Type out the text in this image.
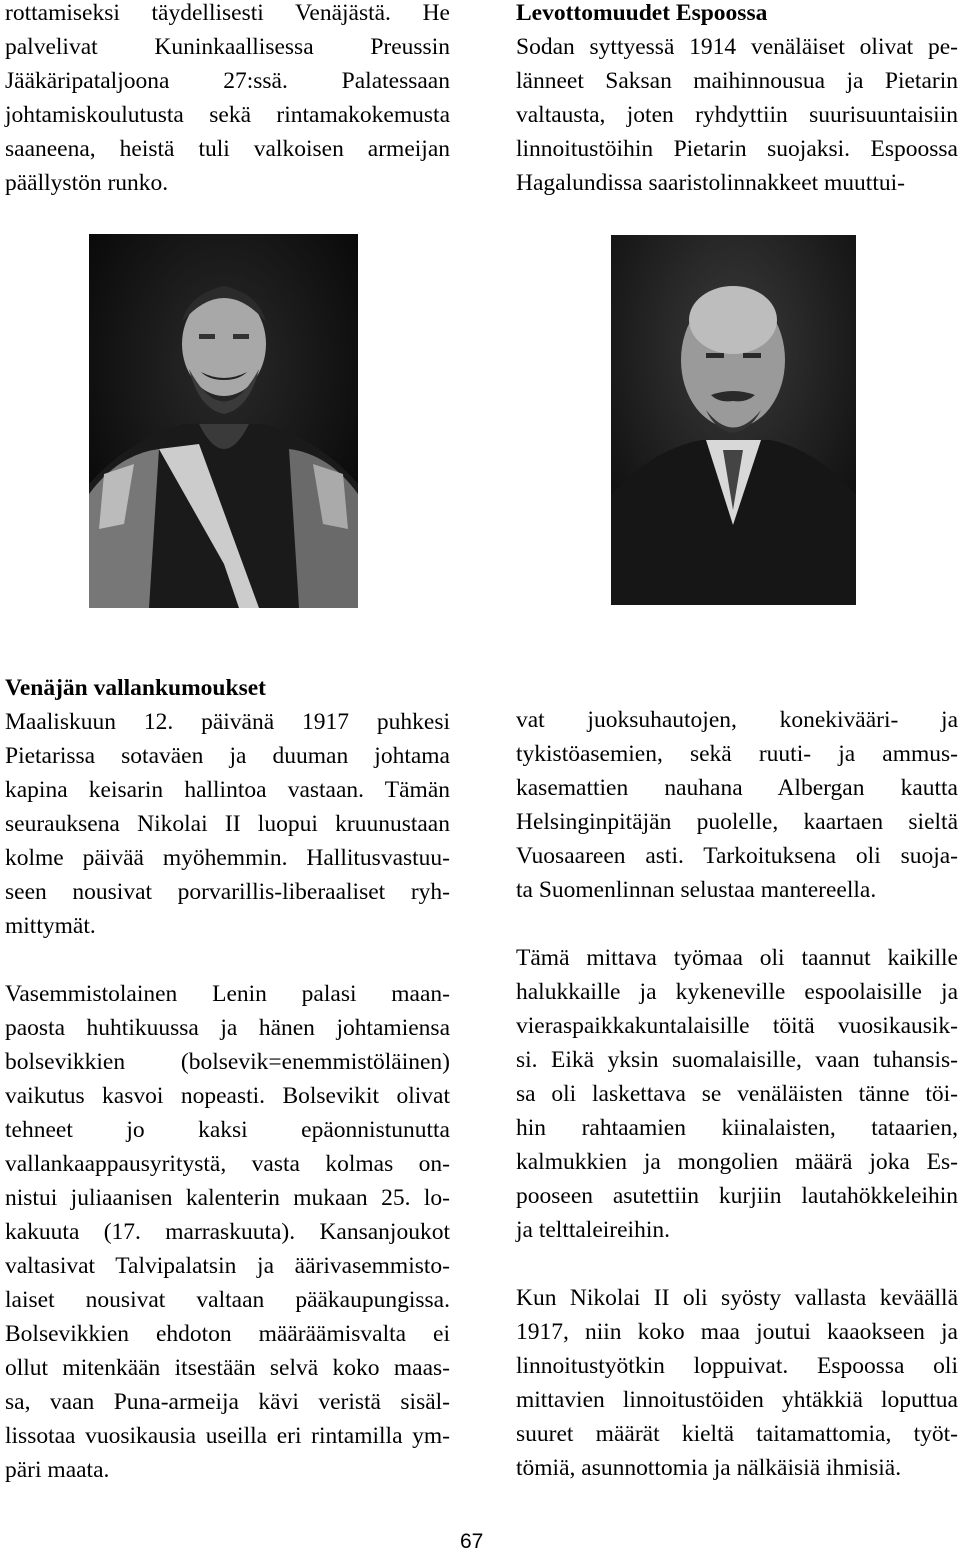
rottamiseksi täydellisesti Venäjästä. He
palvelivat Kuninkaallisessa Preussin
Jääkäripataljoona 27:ssä. Palatessaan
johtamiskoulutusta sekä rintamakokemusta
saaneena, heistä tuli valkoisen armeijan
päällystön runko.

Levottomuudet Espoossa

Sodan syttyessä 1914 venäläiset olivat pe-
länneet Saksan maihinnousua ja Pietarin
valtausta, joten ryhdyttiin suurisuuntaisiin
linnoitustöihin Pietarin suojaksi. Espoossa
Hagalundissa saaristolinnakkeet muuttui-

Venäjän vallankumoukset

Maaliskuun 12. päivänä 1917 puhkesi
Pietarissa sotaväen ja duuman johtama
kapina keisarin hallintoa vastaan. Tämän
seurauksena Nikolai II luopui kruunustaan
kolme päivää myöhemmin. Hallitusvastuu-
seen nousivat porvarillis-liberaaliset ryh-
mittymät.
Vasemmistolainen Lenin palasi maan-
paosta huhtikuussa ja hänen johtamiensa
bolsevikkien (bolsevik=enemmistöläinen)
vaikutus kasvoi nopeasti. Bolsevikit olivat
tehneet jo kaksi epäonnistunutta
vallankaappausyritystä, vasta kolmas on-
nistui juliaanisen kalenterin mukaan 25. lo-
kakuuta (17. marraskuuta). Kansanjoukot
valtasivat Talvipalatsin ja äärivasemmisto-
laiset nousivat valtaan pääkaupungissa.
Bolsevikkien ehdoton määräämisvalta ei
ollut mitenkään itsestään selvä koko maas-
sa, vaan Puna-armeija kävi veristä sisäl-
lissotaa vuosikausia useilla eri rintamilla ym-
päri maata.
vat juoksuhautojen, konekivääri- ja
tykistöasemien, sekä ruuti- ja ammus-
kasemattien nauhana Albergan kautta
Helsinginpitäjän puolelle, kaartaen sieltä
Vuosaareen asti. Tarkoituksena oli suoja-
ta Suomenlinnan selustaa mantereella.
Tämä mittava työmaa oli taannut kaikille
halukkaille ja kykeneville espoolaisille ja
vieraspaikkakuntalaisille töitä vuosikausik-
si. Eikä yksin suomalaisille, vaan tuhansis-
sa oli laskettava se venäläisten tänne töi-
hin rahtaamien kiinalaisten, tataarien,
kalmukkien ja mongolien määrä joka Es-
pooseen asutettiin kurjiin lautahökkeleihin
ja telttaleireihin.
Kun Nikolai II oli syösty vallasta keväällä
1917, niin koko maa joutui kaaokseen ja
linnoitustyötkin loppuivat. Espoossa oli
mittavien linnoitustöiden yhtäkkiä loputtua
suuret määrät kieltä taitamattomia, työt-
tömiä, asunnottomia ja nälkäisiä ihmisiä.
67
